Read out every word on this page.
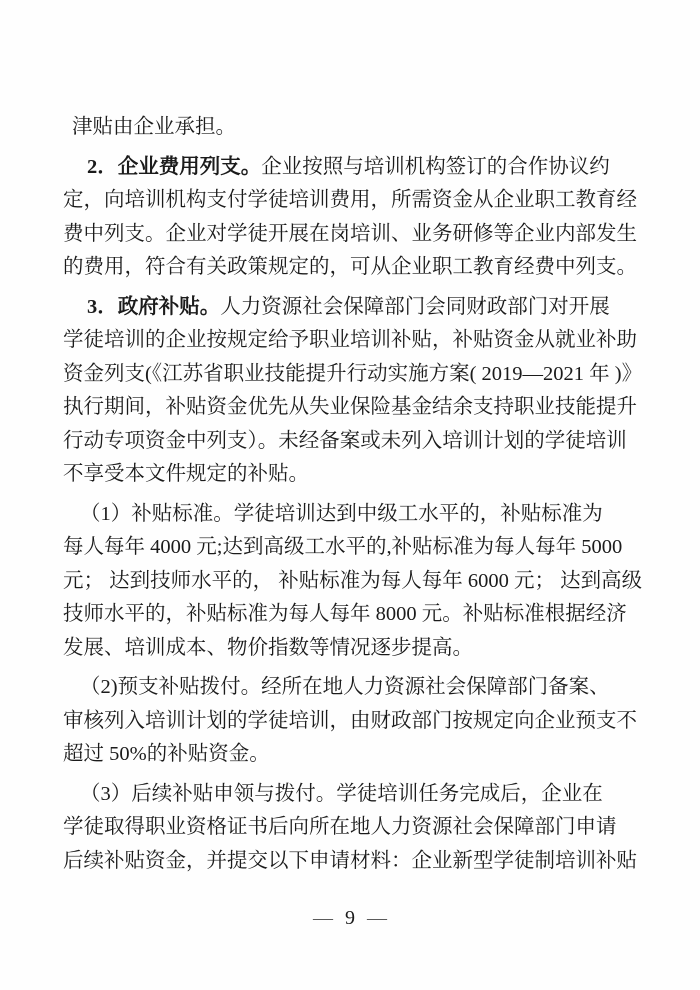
津贴由企业承担。
2．企业费用列支。企业按照与培训机构签订的合作协议约
定，向培训机构支付学徒培训费用，所需资金从企业职工教育经
费中列支。企业对学徒开展在岗培训、业务研修等企业内部发生
的费用，符合有关政策规定的，可从企业职工教育经费中列支。
3．政府补贴。人力资源社会保障部门会同财政部门对开展
学徒培训的企业按规定给予职业培训补贴，补贴资金从就业补助
资金列支(《江苏省职业技能提升行动实施方案( 2019—2021 年 )》
执行期间，补贴资金优先从失业保险基金结余支持职业技能提升
行动专项资金中列支）。未经备案或未列入培训计划的学徒培训
不享受本文件规定的补贴。
（1）补贴标准。学徒培训达到中级工水平的，补贴标准为
每人每年 4000 元;达到高级工水平的,补贴标准为每人每年 5000
元； 达到技师水平的， 补贴标准为每人每年 6000 元； 达到高级
技师水平的，补贴标准为每人每年 8000 元。补贴标准根据经济
发展、培训成本、物价指数等情况逐步提高。
（2)预支补贴拨付。经所在地人力资源社会保障部门备案、
审核列入培训计划的学徒培训，由财政部门按规定向企业预支不
超过 50%的补贴资金。
（3）后续补贴申领与拨付。学徒培训任务完成后，企业在
学徒取得职业资格证书后向所在地人力资源社会保障部门申请
后续补贴资金，并提交以下申请材料：企业新型学徒制培训补贴
— 9 —
